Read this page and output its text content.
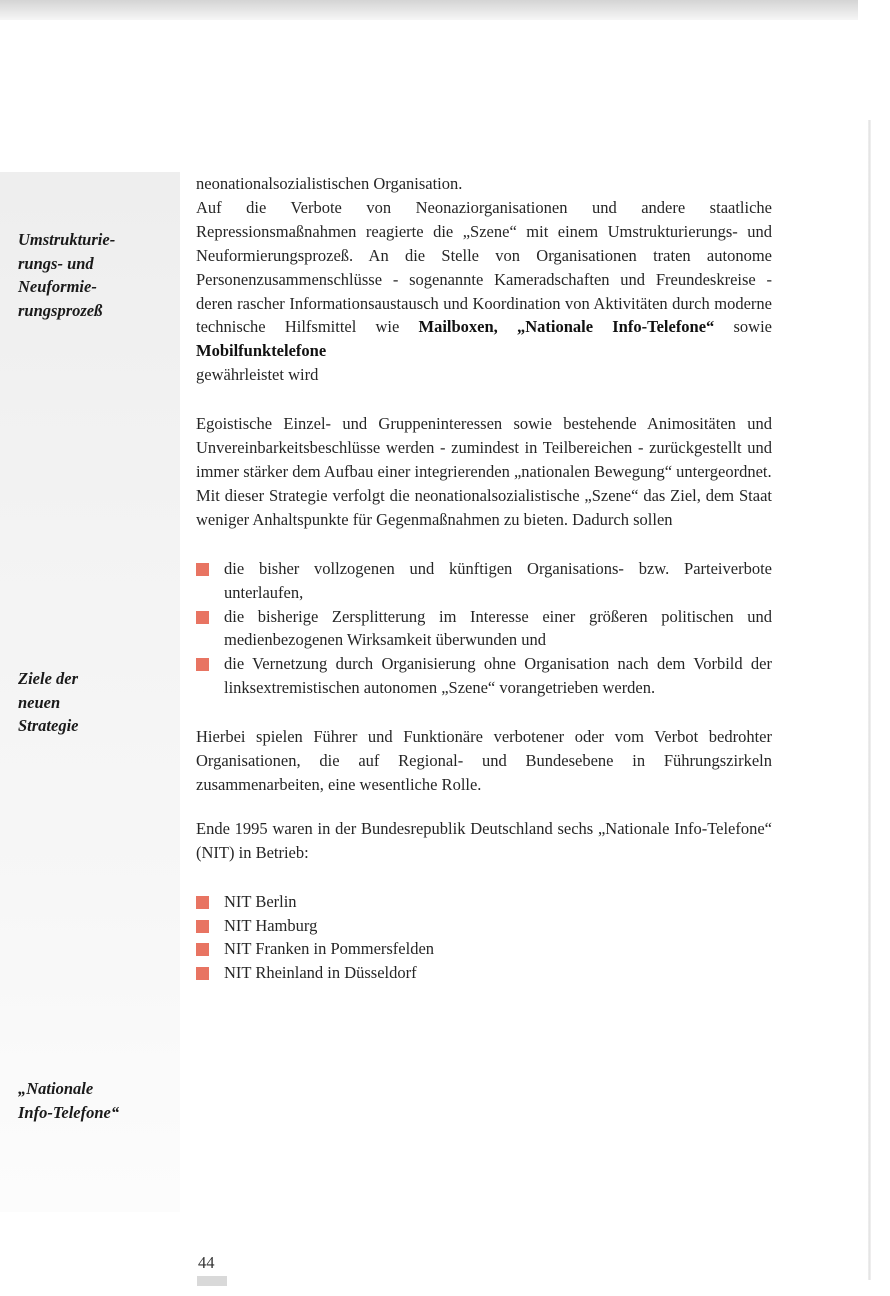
Umstrukturie-
rungs- und
Neuformie-
rungsprozeß
Ziele der
neuen
Strategie
„Nationale
Info-Telefone“

neonationalsozialistischen Organisation.

Auf die Verbote von Neonaziorganisationen und andere staatliche Repressionsmaßnahmen reagierte die „Szene“ mit einem Umstrukturierungs- und Neuformierungsprozeß. An die Stelle von Organisationen traten autonome Personenzusammenschlüsse - sogenannte Kameradschaften und Freundeskreise - deren rascher Informationsaustausch und Koordination von Aktivitäten durch moderne technische Hilfsmittel wie Mailboxen, „Nationale Info-Telefone“ sowie Mobilfunktelefone
gewährleistet wird

Egoistische Einzel- und Gruppeninteressen sowie bestehende Animositäten und Unvereinbarkeitsbeschlüsse werden - zumindest in Teilbereichen - zurückgestellt und immer stärker dem Aufbau einer integrierenden „nationalen Bewegung“ untergeordnet.

Mit dieser Strategie verfolgt die neonationalsozialistische „Szene“ das Ziel, dem Staat weniger Anhaltspunkte für Gegenmaßnahmen zu bieten. Dadurch sollen

die bisher vollzogenen und künftigen Organisations- bzw. Parteiverbote unterlaufen,
die bisherige Zersplitterung im Interesse einer größeren politischen und medienbezogenen Wirksamkeit überwunden und
die Vernetzung durch Organisierung ohne Organisation nach dem Vorbild der linksextremistischen autonomen „Szene“ vorangetrieben werden.

Hierbei spielen Führer und Funktionäre verbotener oder vom Verbot bedrohter Organisationen, die auf Regional- und Bundesebene in Führungszirkeln zusammenarbeiten, eine wesentliche Rolle.

Ende 1995 waren in der Bundesrepublik Deutschland sechs „Nationale Info-Telefone“ (NIT) in Betrieb:

NIT Berlin
NIT Hamburg
NIT Franken in Pommersfelden
NIT Rheinland in Düsseldorf
44
